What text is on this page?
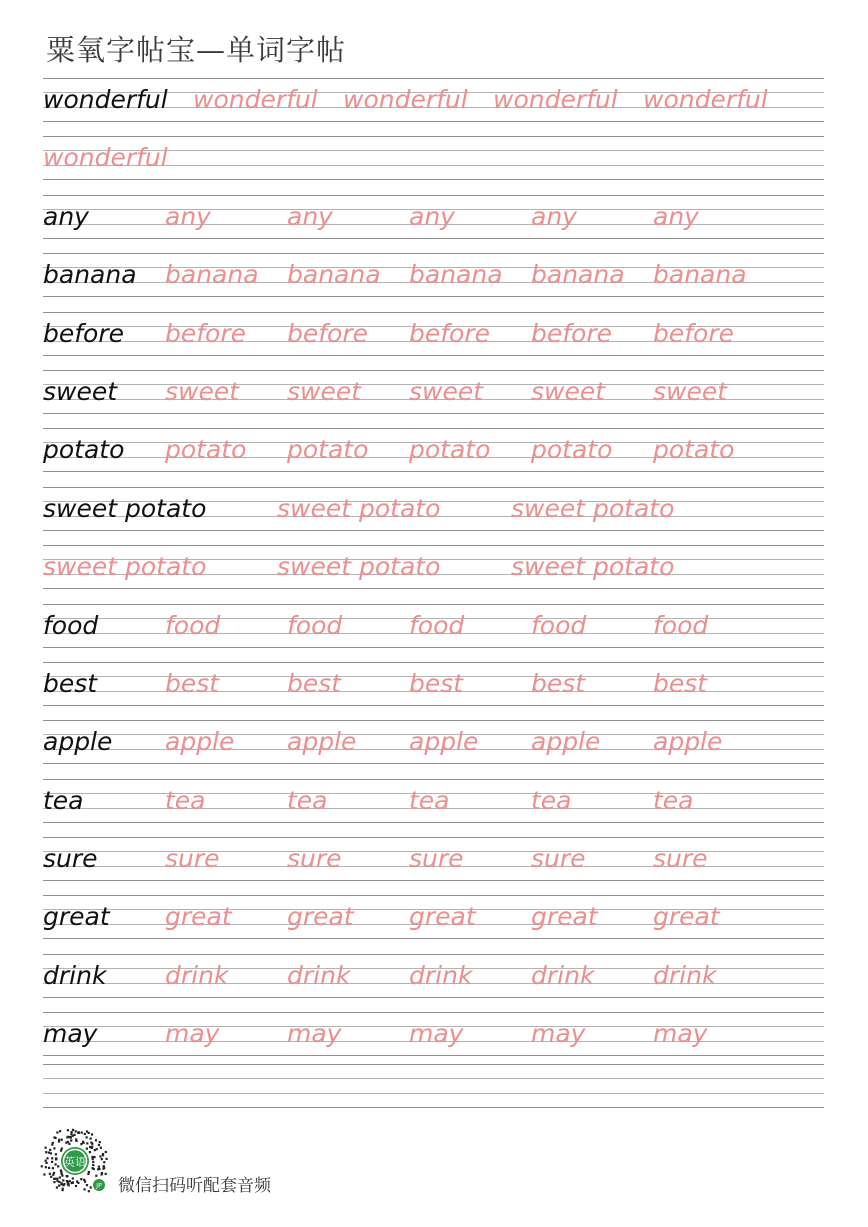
粟氧字帖宝—单词字帖
wonderful	wonderful	wonderful	wonderful	wonderful
wonderful
any	any	any	any	any	any
banana	banana	banana	banana	banana	banana
before	before	before	before	before	before
sweet	sweet	sweet	sweet	sweet	sweet
potato	potato	potato	potato	potato	potato
sweet potato	sweet potato	sweet potato
sweet potato	sweet potato	sweet potato
food	food	food	food	food	food
best	best	best	best	best	best
apple	apple	apple	apple	apple	apple
tea	tea	tea	tea	tea	tea
sure	sure	sure	sure	sure	sure
great	great	great	great	great	great
drink	drink	drink	drink	drink	drink
may	may	may	may	may	may
英语
JP 微信扫码听配套音频
